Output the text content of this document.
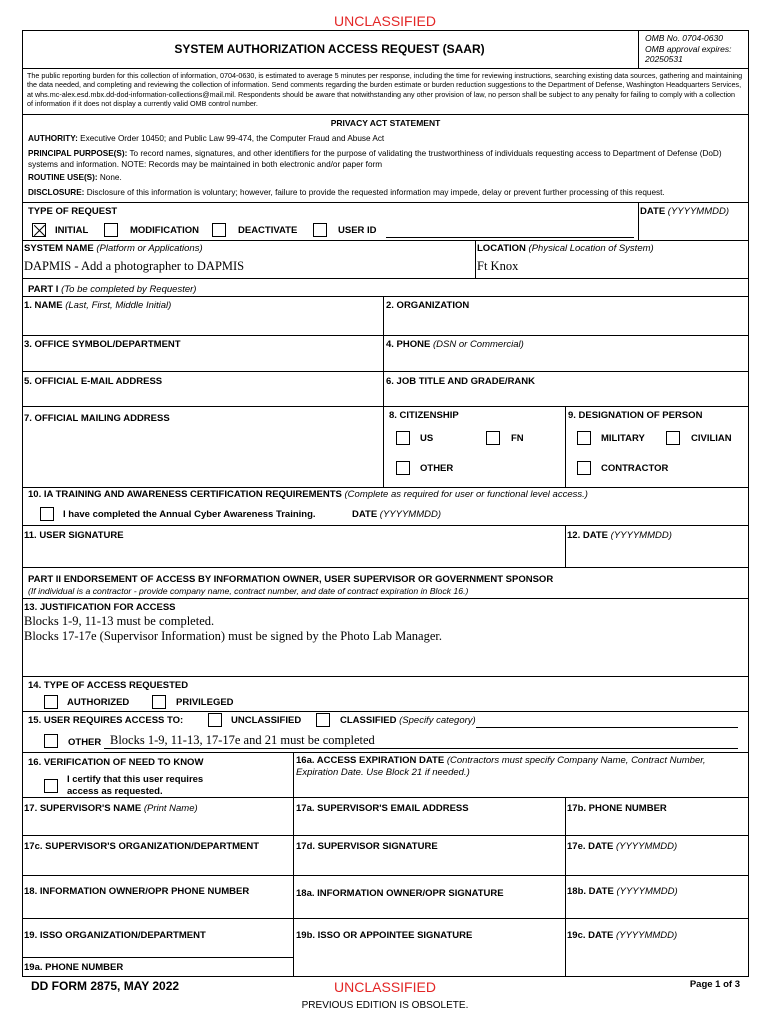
UNCLASSIFIED
SYSTEM AUTHORIZATION ACCESS REQUEST (SAAR)
OMB No. 0704-0630
OMB approval expires:
20250531
The public reporting burden for this collection of information, 0704-0630, is estimated to average 5 minutes per response, including the time for reviewing instructions, searching existing data sources, gathering and maintaining the data needed, and completing and reviewing the collection of information. Send comments regarding the burden estimate or burden reduction suggestions to the Department of Defense, Washington Headquarters Services, at whs.mc-alex.esd.mbx.dd-dod-information-collections@mail.mil. Respondents should be aware that notwithstanding any other provision of law, no person shall be subject to any penalty for failing to comply with a collection of information if it does not display a currently valid OMB control number.
PRIVACY ACT STATEMENT
AUTHORITY: Executive Order 10450; and Public Law 99-474, the Computer Fraud and Abuse Act
PRINCIPAL PURPOSE(S): To record names, signatures, and other identifiers for the purpose of validating the trustworthiness of individuals requesting access to Department of Defense (DoD) systems and information. NOTE: Records may be maintained in both electronic and/or paper form
ROUTINE USE(S): None.
DISCLOSURE: Disclosure of this information is voluntary; however, failure to provide the requested information may impede, delay or prevent further processing of this request.
TYPE OF REQUEST	DATE (YYYYMMDD)
INITIAL	MODIFICATION	DEACTIVATE	USER ID
SYSTEM NAME (Platform or Applications)
DAPMIS - Add a photographer to DAPMIS
LOCATION (Physical Location of System)
Ft Knox
PART I (To be completed by Requester)
1. NAME (Last, First, Middle Initial)	2. ORGANIZATION
3. OFFICE SYMBOL/DEPARTMENT	4. PHONE (DSN or Commercial)
5. OFFICIAL E-MAIL ADDRESS	6. JOB TITLE AND GRADE/RANK
7. OFFICIAL MAILING ADDRESS	8. CITIZENSHIP	9. DESIGNATION OF PERSON
US	FN
OTHER
MILITARY	CIVILIAN
CONTRACTOR
10. IA TRAINING AND AWARENESS CERTIFICATION REQUIREMENTS (Complete as required for user or functional level access.)
I have completed the Annual Cyber Awareness Training.	DATE (YYYYMMDD)
11. USER SIGNATURE	12. DATE (YYYYMMDD)
PART II ENDORSEMENT OF ACCESS BY INFORMATION OWNER, USER SUPERVISOR OR GOVERNMENT SPONSOR
(If individual is a contractor - provide company name, contract number, and date of contract expiration in Block 16.)
13. JUSTIFICATION FOR ACCESS
Blocks 1-9, 11-13 must be completed.
Blocks 17-17e (Supervisor Information) must be signed by the Photo Lab Manager.
14. TYPE OF ACCESS REQUESTED
AUTHORIZED	PRIVILEGED
15. USER REQUIRES ACCESS TO:	UNCLASSIFIED	CLASSIFIED (Specify category)
OTHER Blocks 1-9, 11-13, 17-17e and 21 must be completed
16. VERIFICATION OF NEED TO KNOW
I certify that this user requires
access as requested.
16a. ACCESS EXPIRATION DATE (Contractors must specify Company Name, Contract Number,
Expiration Date. Use Block 21 if needed.)
17. SUPERVISOR'S NAME (Print Name)	17a. SUPERVISOR'S EMAIL ADDRESS	17b. PHONE NUMBER
17c. SUPERVISOR'S ORGANIZATION/DEPARTMENT	17d. SUPERVISOR SIGNATURE	17e. DATE (YYYYMMDD)
18. INFORMATION OWNER/OPR PHONE NUMBER	18a. INFORMATION OWNER/OPR SIGNATURE	18b. DATE (YYYYMMDD)
19. ISSO ORGANIZATION/DEPARTMENT	19b. ISSO OR APPOINTEE SIGNATURE	19c. DATE (YYYYMMDD)
19a. PHONE NUMBER
DD FORM 2875, MAY 2022	UNCLASSIFIED	Page 1 of 3
PREVIOUS EDITION IS OBSOLETE.
